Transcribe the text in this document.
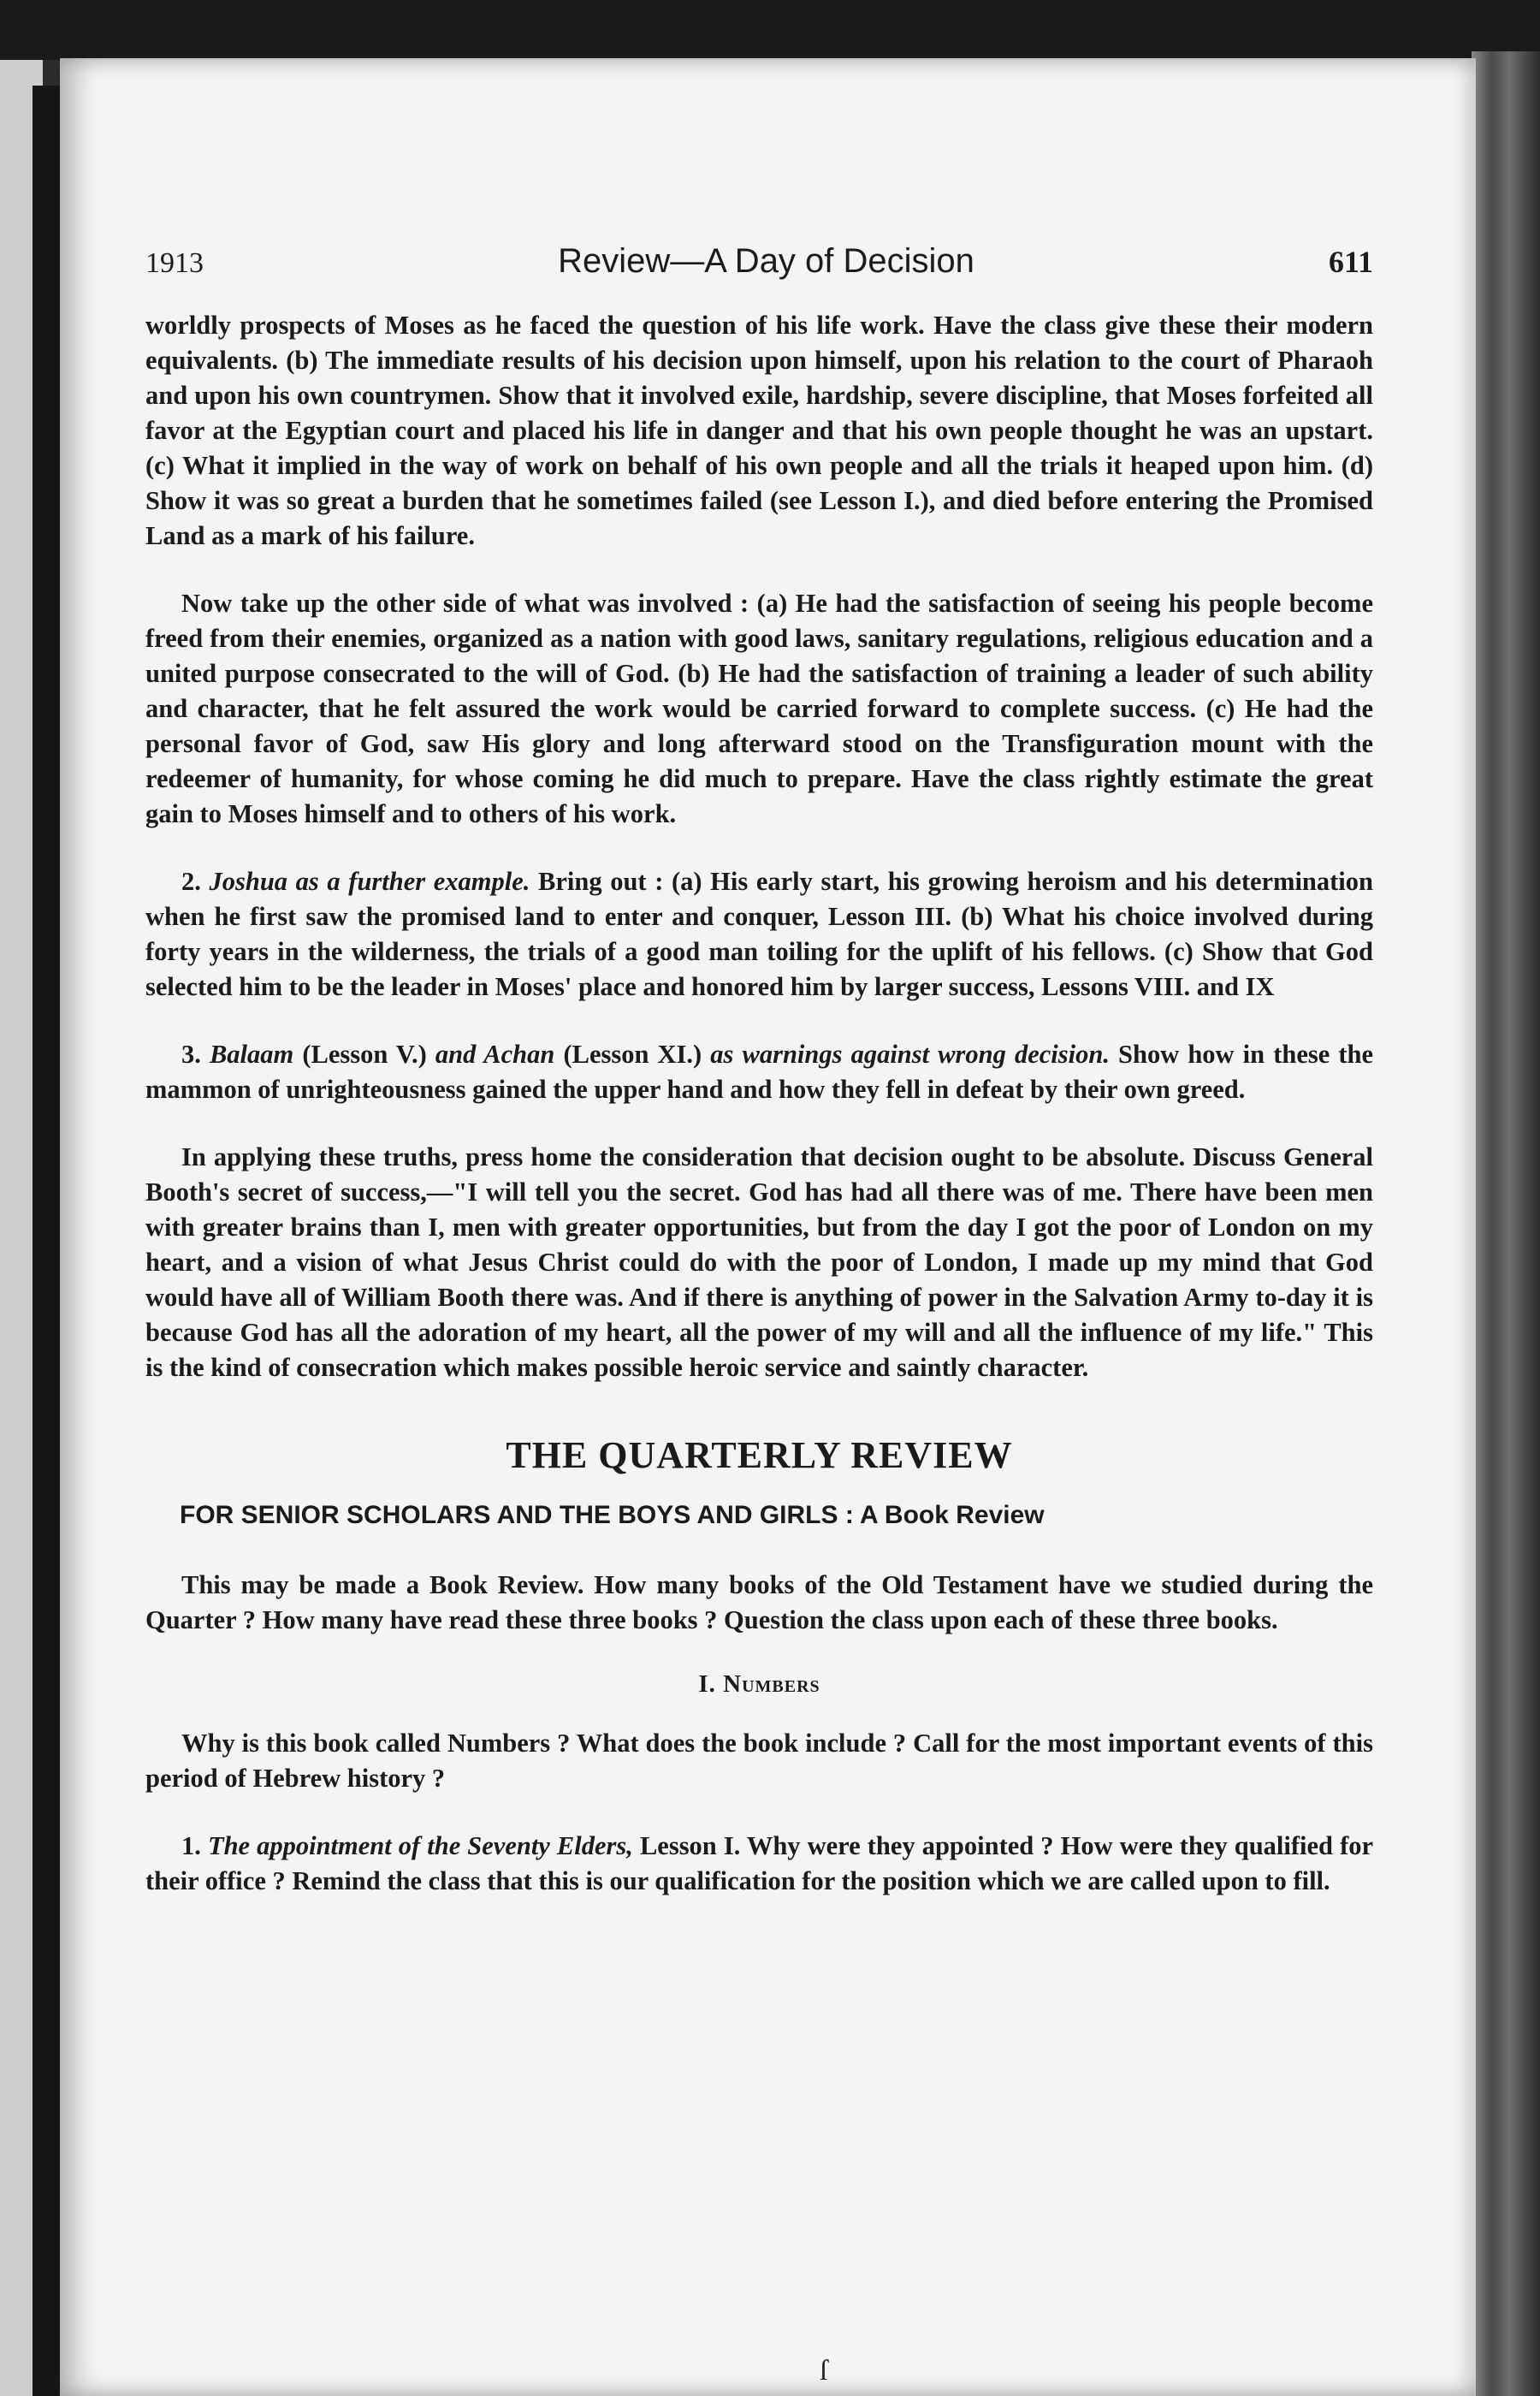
1913	Review—A Day of Decision	611

worldly prospects of Moses as he faced the question of his life work. Have the class give these their modern equivalents. (b) The immediate results of his decision upon himself, upon his relation to the court of Pharaoh and upon his own countrymen. Show that it involved exile, hardship, severe discipline, that Moses forfeited all favor at the Egyptian court and placed his life in danger and that his own people thought he was an upstart. (c) What it implied in the way of work on behalf of his own people and all the trials it heaped upon him. (d) Show it was so great a burden that he sometimes failed (see Lesson I.), and died before entering the Promised Land as a mark of his failure.

Now take up the other side of what was involved : (a) He had the satisfaction of seeing his people become freed from their enemies, organized as a nation with good laws, sanitary regulations, religious education and a united purpose consecrated to the will of God. (b) He had the satisfaction of training a leader of such ability and character, that he felt assured the work would be carried forward to complete success. (c) He had the personal favor of God, saw His glory and long afterward stood on the Transfiguration mount with the redeemer of humanity, for whose coming he did much to prepare. Have the class rightly estimate the great gain to Moses himself and to others of his work.

2. Joshua as a further example. Bring out : (a) His early start, his growing heroism and his determination when he first saw the promised land to enter and conquer, Lesson III. (b) What his choice involved during forty years in the wilderness, the trials of a good man toiling for the uplift of his fellows. (c) Show that God selected him to be the leader in Moses' place and honored him by larger success, Lessons VIII. and IX

3. Balaam (Lesson V.) and Achan (Lesson XI.) as warnings against wrong decision. Show how in these the mammon of unrighteousness gained the upper hand and how they fell in defeat by their own greed.

In applying these truths, press home the consideration that decision ought to be absolute. Discuss General Booth's secret of success,—"I will tell you the secret. God has had all there was of me. There have been men with greater brains than I, men with greater opportunities, but from the day I got the poor of London on my heart, and a vision of what Jesus Christ could do with the poor of London, I made up my mind that God would have all of William Booth there was. And if there is anything of power in the Salvation Army to-day it is because God has all the adoration of my heart, all the power of my will and all the influence of my life." This is the kind of consecration which makes possible heroic service and saintly character.

THE QUARTERLY REVIEW
FOR SENIOR SCHOLARS AND THE BOYS AND GIRLS : A Book Review

This may be made a Book Review. How many books of the Old Testament have we studied during the Quarter ? How many have read these three books ? Question the class upon each of these three books.

I. Numbers

Why is this book called Numbers ? What does the book include ? Call for the most important events of this period of Hebrew history ?

1. The appointment of the Seventy Elders, Lesson I. Why were they appointed ? How were they qualified for their office ? Remind the class that this is our qualification for the position which we are called upon to fill.

ſ
